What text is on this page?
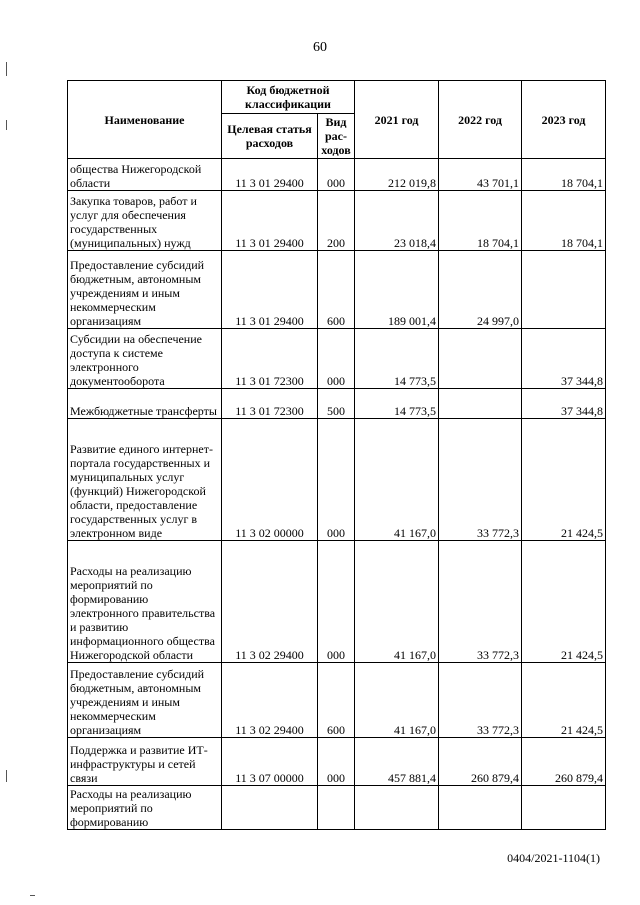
60
Наименование	Код бюджетной классификации		2021 год	2022 год	2023 год
	Целевая статья расходов	Вид рас-ходов			
общества Нижегородской области	11 3 01 29400	000	212 019,8	43 701,1	18 704,1
Закупка товаров, работ и услуг для обеспечения государственных (муниципальных) нужд	11 3 01 29400	200	23 018,4	18 704,1	18 704,1
Предоставление субсидий бюджетным, автономным учреждениям и иным некоммерческим организациям	11 3 01 29400	600	189 001,4	24 997,0	
Субсидии на обеспечение доступа к системе электронного документооборота	11 3 01 72300	000	14 773,5		37 344,8
Межбюджетные трансферты	11 3 01 72300	500	14 773,5		37 344,8
Развитие единого интернет-портала государственных и муниципальных услуг (функций) Нижегородской области, предоставление государственных услуг в электронном виде	11 3 02 00000	000	41 167,0	33 772,3	21 424,5
Расходы на реализацию мероприятий по формированию электронного правительства и развитию информационного общества Нижегородской области	11 3 02 29400	000	41 167,0	33 772,3	21 424,5
Предоставление субсидий бюджетным, автономным учреждениям и иным некоммерческим организациям	11 3 02 29400	600	41 167,0	33 772,3	21 424,5
Поддержка и развитие ИТ-инфраструктуры и сетей связи	11 3 07 00000	000	457 881,4	260 879,4	260 879,4
Расходы на реализацию мероприятий по формированию					
0404/2021-1104(1)
